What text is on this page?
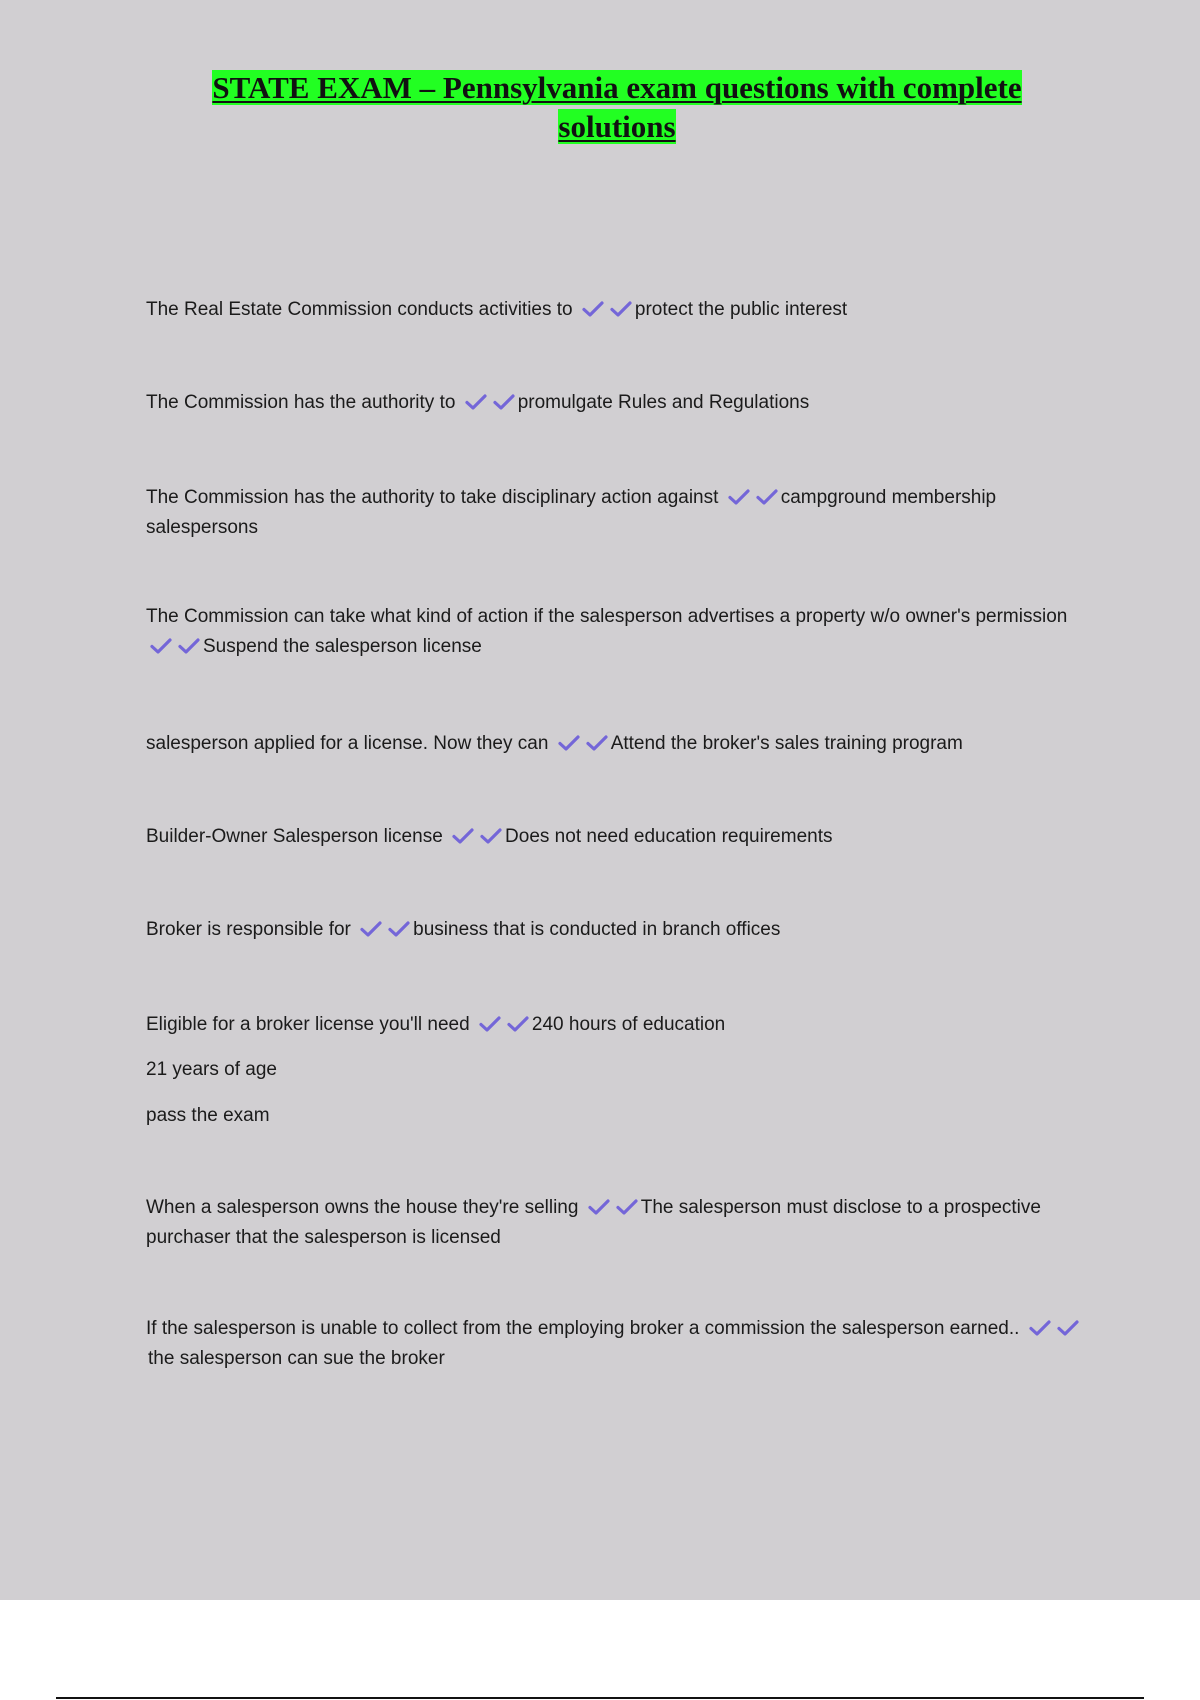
STATE EXAM – Pennsylvania exam questions with complete solutions
The Real Estate Commission conducts activities to	protect the public interest
The Commission has the authority to	promulgate Rules and Regulations
The Commission has the authority to take disciplinary action against	campground membership salespersons
The Commission can take what kind of action if the salesperson advertises a property w/o owner's permission
Suspend the salesperson license
salesperson applied for a license. Now they can	Attend the broker's sales training program
Builder-Owner Salesperson license	Does not need education requirements
Broker is responsible for	business that is conducted in branch offices
Eligible for a broker license you'll need	240 hours of education
21 years of age
pass the exam
When a salesperson owns the house they're selling	The salesperson must disclose to a prospective purchaser that the salesperson is licensed
If the salesperson is unable to collect from the employing broker a commission the salesperson earned..
the salesperson can sue the broker
